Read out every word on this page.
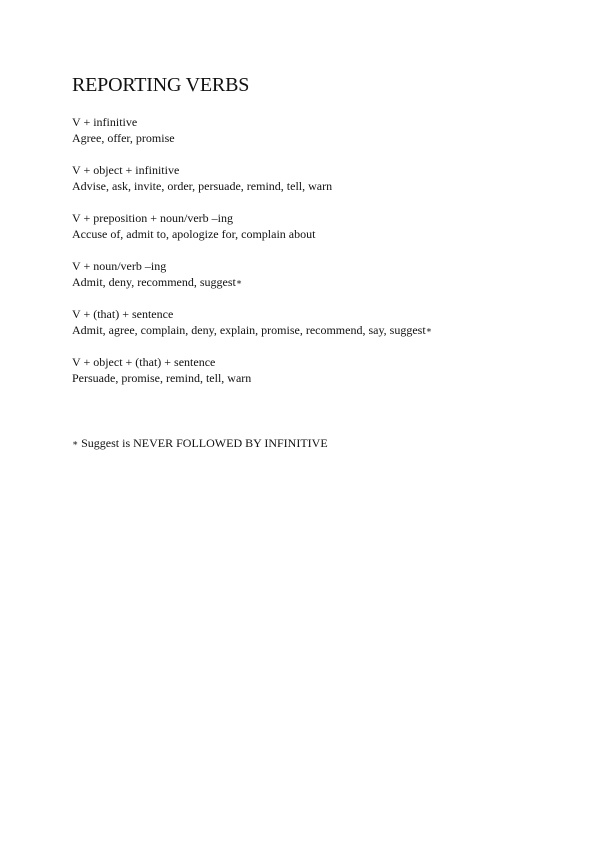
REPORTING VERBS
V + infinitive
Agree, offer, promise
V + object + infinitive
Advise, ask, invite, order, persuade, remind, tell, warn
V + preposition + noun/verb –ing
Accuse of, admit to, apologize for, complain about
V + noun/verb –ing
Admit, deny, recommend, suggest∗
V + (that) + sentence
Admit, agree, complain, deny, explain, promise, recommend, say, suggest∗
V + object + (that) + sentence
Persuade, promise, remind, tell, warn
∗ Suggest is NEVER FOLLOWED BY INFINITIVE
